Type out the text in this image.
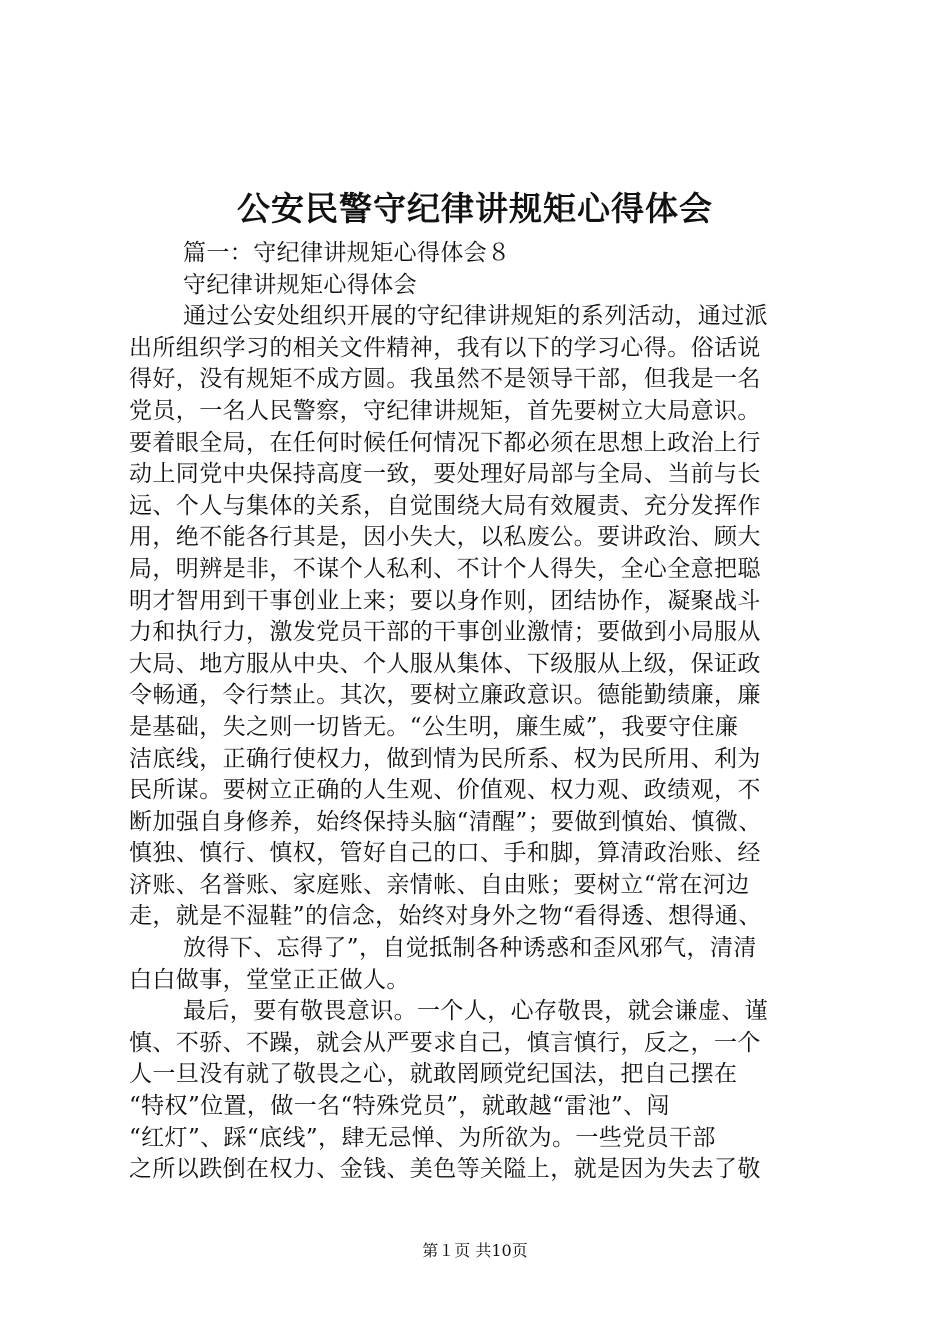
公安民警守纪律讲规矩心得体会
篇一：守纪律讲规矩心得体会８
守纪律讲规矩心得体会
通过公安处组织开展的守纪律讲规矩的系列活动，通过派
出所组织学习的相关文件精神，我有以下的学习心得。俗话说
得好，没有规矩不成方圆。我虽然不是领导干部，但我是一名
党员，一名人民警察，守纪律讲规矩，首先要树立大局意识。
要着眼全局，在任何时候任何情况下都必须在思想上政治上行
动上同党中央保持高度一致，要处理好局部与全局、当前与长
远、个人与集体的关系，自觉围绕大局有效履责、充分发挥作
用，绝不能各行其是，因小失大，以私废公。要讲政治、顾大
局，明辨是非，不谋个人私利、不计个人得失，全心全意把聪
明才智用到干事创业上来；要以身作则，团结协作，凝聚战斗
力和执行力，激发党员干部的干事创业激情；要做到小局服从
大局、地方服从中央、个人服从集体、下级服从上级，保证政
令畅通，令行禁止。其次，要树立廉政意识。德能勤绩廉，廉
是基础，失之则一切皆无。“公生明，廉生威”，我要守住廉
洁底线，正确行使权力，做到情为民所系、权为民所用、利为
民所谋。要树立正确的人生观、价值观、权力观、政绩观，不
断加强自身修养，始终保持头脑“清醒”；要做到慎始、慎微、
慎独、慎行、慎权，管好自己的口、手和脚，算清政治账、经
济账、名誉账、家庭账、亲情帐、自由账；要树立“常在河边
走，就是不湿鞋”的信念，始终对身外之物“看得透、想得通、
放得下、忘得了”，自觉抵制各种诱惑和歪风邪气，清清
白白做事，堂堂正正做人。
最后，要有敬畏意识。一个人，心存敬畏，就会谦虚、谨
慎、不骄、不躁，就会从严要求自己，慎言慎行，反之，一个
人一旦没有就了敬畏之心，就敢罔顾党纪国法，把自己摆在
“特权”位置，做一名“特殊党员”，就敢越“雷池”、闯
“红灯”、踩“底线”，肆无忌惮、为所欲为。一些党员干部
之所以跌倒在权力、金钱、美色等关隘上，就是因为失去了敬
第１页 共10页
